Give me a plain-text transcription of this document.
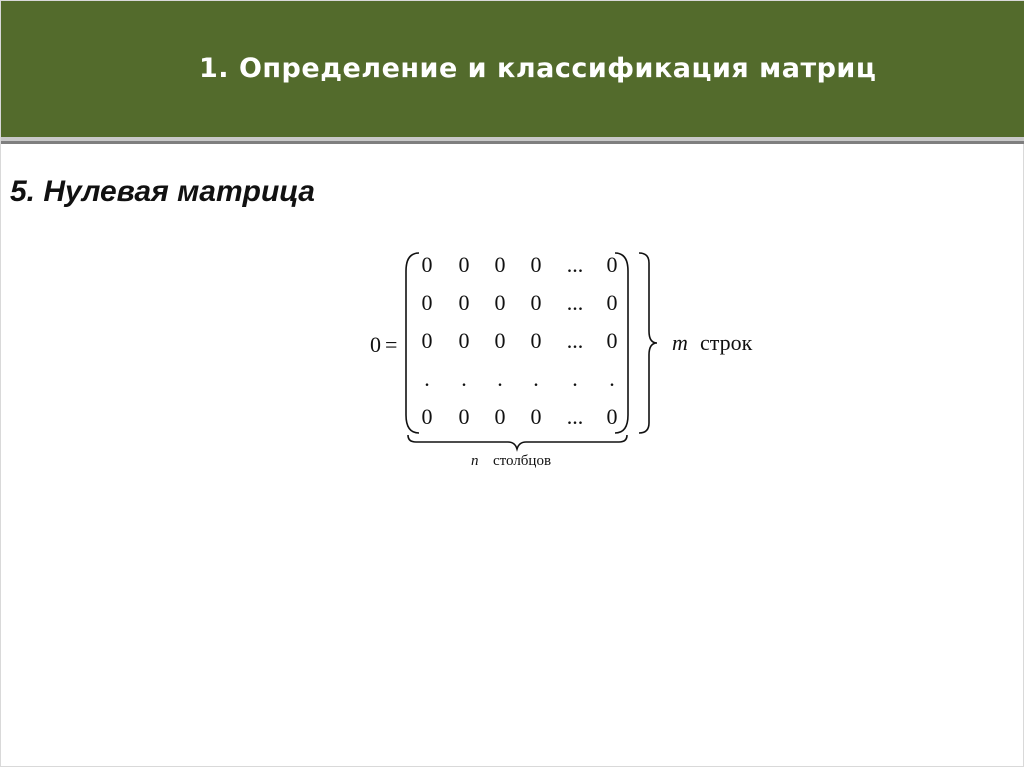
1. Определение и классификация матриц
5. Нулевая матрица
0 =
0 0 0 0 ... 0
0 0 0 0 ... 0
0 0 0 0 ... 0
. . . . . .
0 0 0 0 ... 0
m строк
n столбцов
